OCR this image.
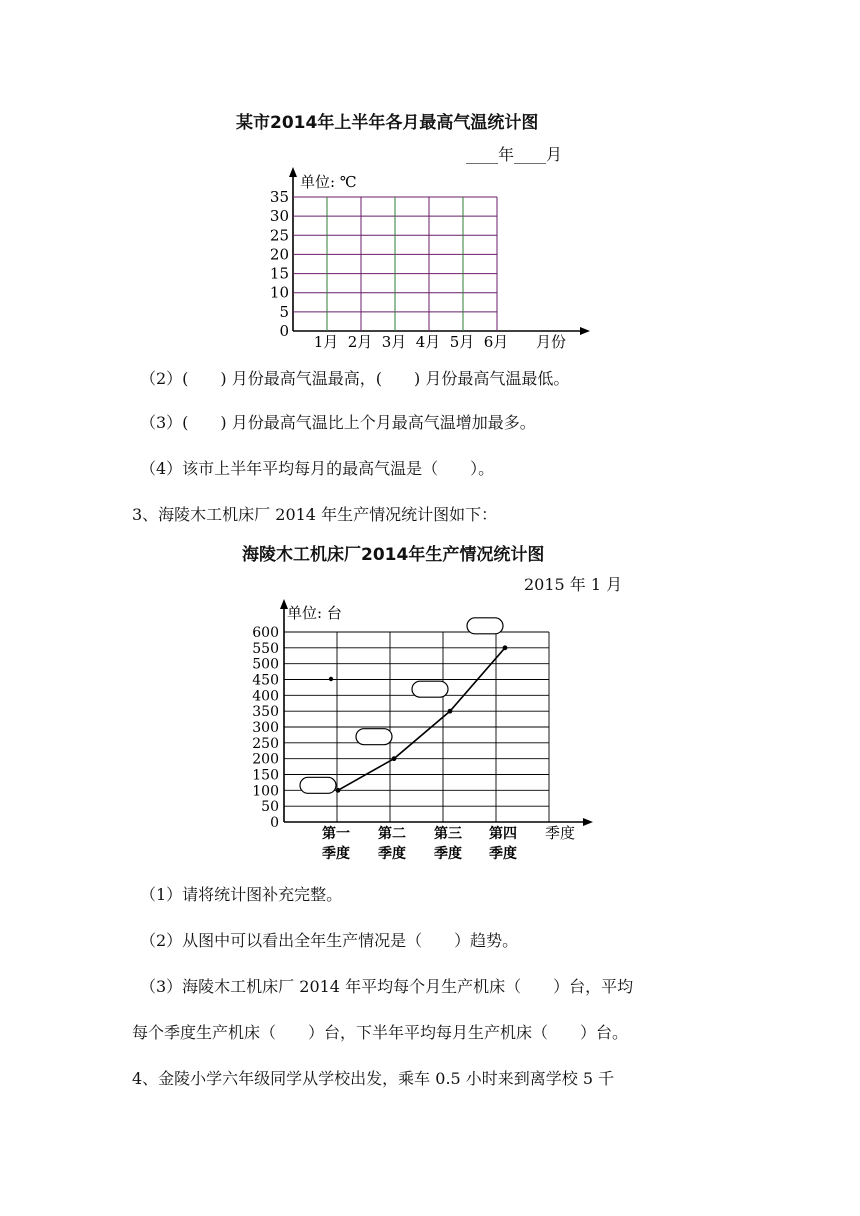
某市2014年上半年各月最高气温统计图
____年____月
单位: ℃
35
30
25
20
15
10
5
0
1月 2月 3月 4月 5月 6月 月份
（2）(　　) 月份最高气温最高，(　　) 月份最高气温最低。
（3）(　　) 月份最高气温比上个月最高气温增加最多。
（4）该市上半年平均每月的最高气温是（　　）。
3、海陵木工机床厂 2014 年生产情况统计图如下：
海陵木工机床厂2014年生产情况统计图
2015 年 1 月
单位: 台
600
550
500
450
400
350
300
250
200
150
100
50
0
第一
季度
第二
季度
第三
季度
第四
季度
季度
（1）请将统计图补充完整。
（2）从图中可以看出全年生产情况是（　　）趋势。
（3）海陵木工机床厂 2014 年平均每个月生产机床（　　）台，平均
每个季度生产机床（　　）台，下半年平均每月生产机床（　　）台。
4、金陵小学六年级同学从学校出发，乘车 0.5 小时来到离学校 5 千
